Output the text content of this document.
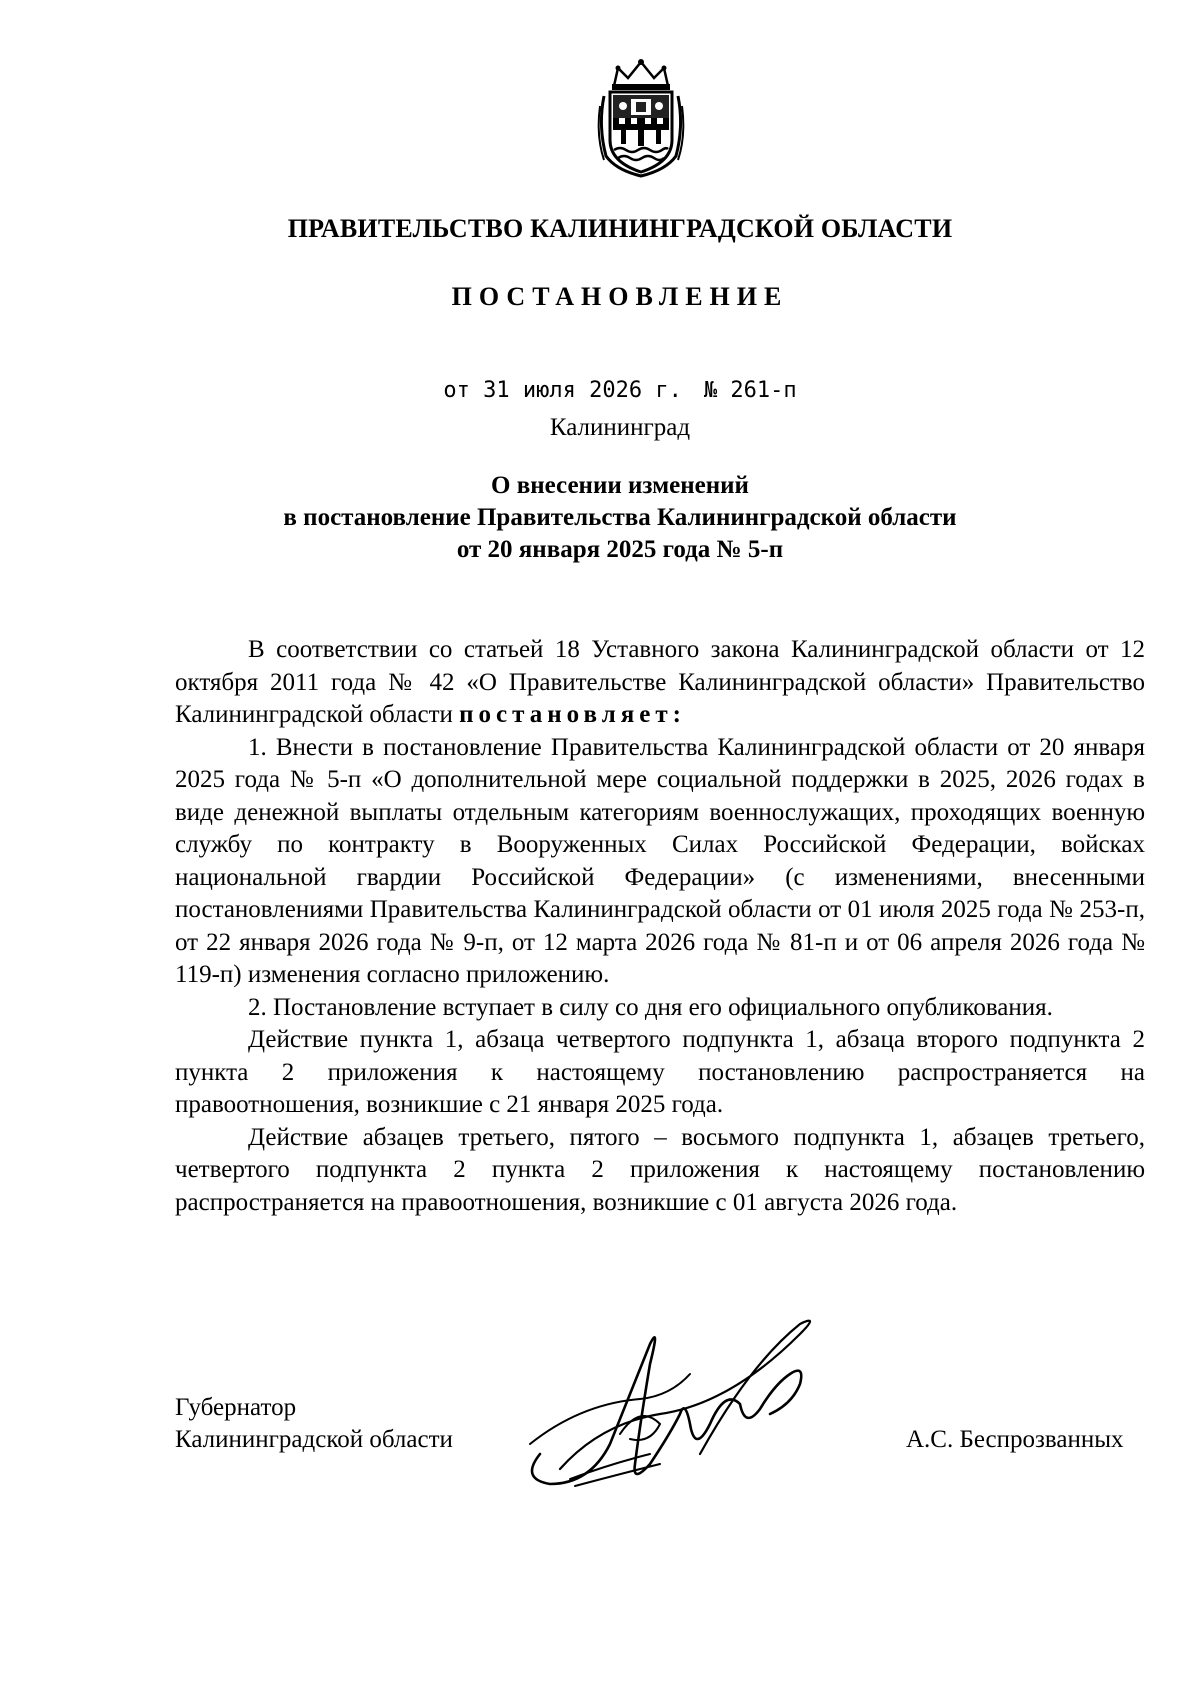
ПРАВИТЕЛЬСТВО КАЛИНИНГРАДСКОЙ ОБЛАСТИ
ПОСТАНОВЛЕНИЕ
от 31 июля 2026 г. № 261-п
Калининград
О внесении изменений
в постановление Правительства Калининградской области
от 20 января 2025 года № 5-п

В соответствии со статьей 18 Уставного закона Калининградской области от 12 октября 2011 года № 42 «О Правительстве Калининградской области» Правительство Калининградской области постановляет:

1. Внести в постановление Правительства Калининградской области от 20 января 2025 года № 5-п «О дополнительной мере социальной поддержки в 2025, 2026 годах в виде денежной выплаты отдельным категориям военнослужащих, проходящих военную службу по контракту в Вооруженных Силах Российской Федерации, войсках национальной гвардии Российской Федерации» (с изменениями, внесенными постановлениями Правительства Калининградской области от 01 июля 2025 года № 253-п, от 22 января 2026 года № 9-п, от 12 марта 2026 года № 81-п и от 06 апреля 2026 года № 119-п) изменения согласно приложению.

2. Постановление вступает в силу со дня его официального опубликования.

Действие пункта 1, абзаца четвертого подпункта 1, абзаца второго подпункта 2 пункта 2 приложения к настоящему постановлению распространяется на правоотношения, возникшие с 21 января 2025 года.

Действие абзацев третьего, пятого – восьмого подпункта 1, абзацев третьего, четвертого подпункта 2 пункта 2 приложения к настоящему постановлению распространяется на правоотношения, возникшие с 01 августа 2026 года.

Губернатор
Калининградской области	А.С. Беспрозванных
